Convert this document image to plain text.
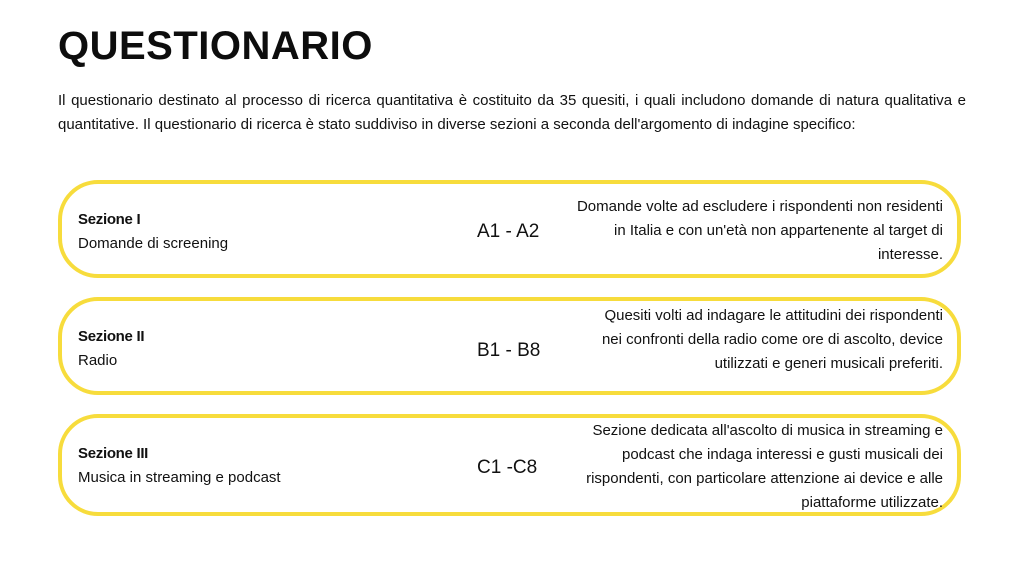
QUESTIONARIO

Il questionario destinato al processo di ricerca quantitativa è costituito da 35 quesiti, i quali includono domande di natura qualitativa e quantitative. Il questionario di ricerca è stato suddiviso in diverse sezioni a seconda dell'argomento di indagine specifico:

Sezione I
Domande di screening
A1 - A2
Domande volte ad escludere i rispondenti non residenti in Italia e con un'età non appartenente al target di interesse.
Sezione II
Radio	B1 - B8
Quesiti volti ad indagare le attitudini dei rispondenti nei confronti della radio come ore di ascolto, device utilizzati e generi musicali preferiti.
Sezione III
Musica in streaming e podcast	C1 -C8
Sezione dedicata all'ascolto di musica in streaming e podcast che indaga interessi e gusti musicali dei rispondenti, con particolare attenzione ai device e alle piattaforme utilizzate.
